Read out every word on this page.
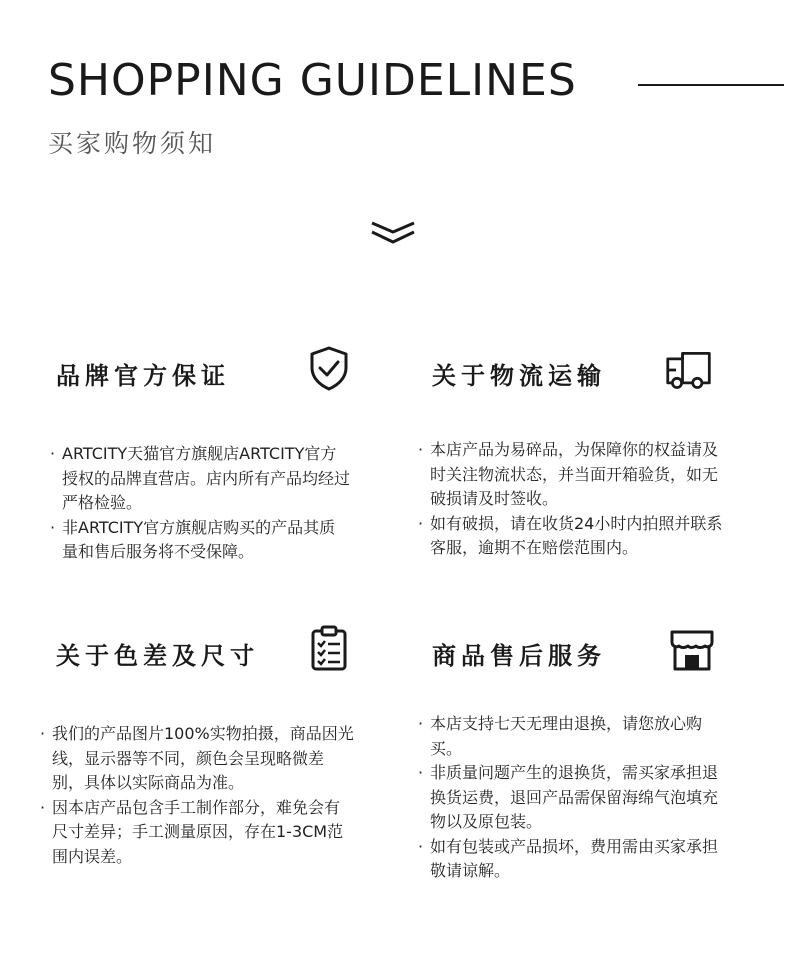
SHOPPING GUIDELINES
买家购物须知
品牌官方保证
· ARTCITY天猫官方旗舰店ARTCITY官方授权的品牌直营店。店内所有产品均经过严格检验。
· 非ARTCITY官方旗舰店购买的产品其质量和售后服务将不受保障。
关于物流运输
· 本店产品为易碎品，为保障你的权益请及时关注物流状态，并当面开箱验货，如无破损请及时签收。
· 如有破损，请在收货24小时内拍照并联系客服，逾期不在赔偿范围内。
关于色差及尺寸
· 我们的产品图片100%实物拍摄，商品因光线，显示器等不同，颜色会呈现略微差别，具体以实际商品为准。
· 因本店产品包含手工制作部分，难免会有尺寸差异；手工测量原因，存在1-3CM范围内误差。
商品售后服务
· 本店支持七天无理由退换，请您放心购买。
· 非质量问题产生的退换货，需买家承担退换货运费，退回产品需保留海绵气泡填充物以及原包装。
· 如有包装或产品损坏，费用需由买家承担敬请谅解。
